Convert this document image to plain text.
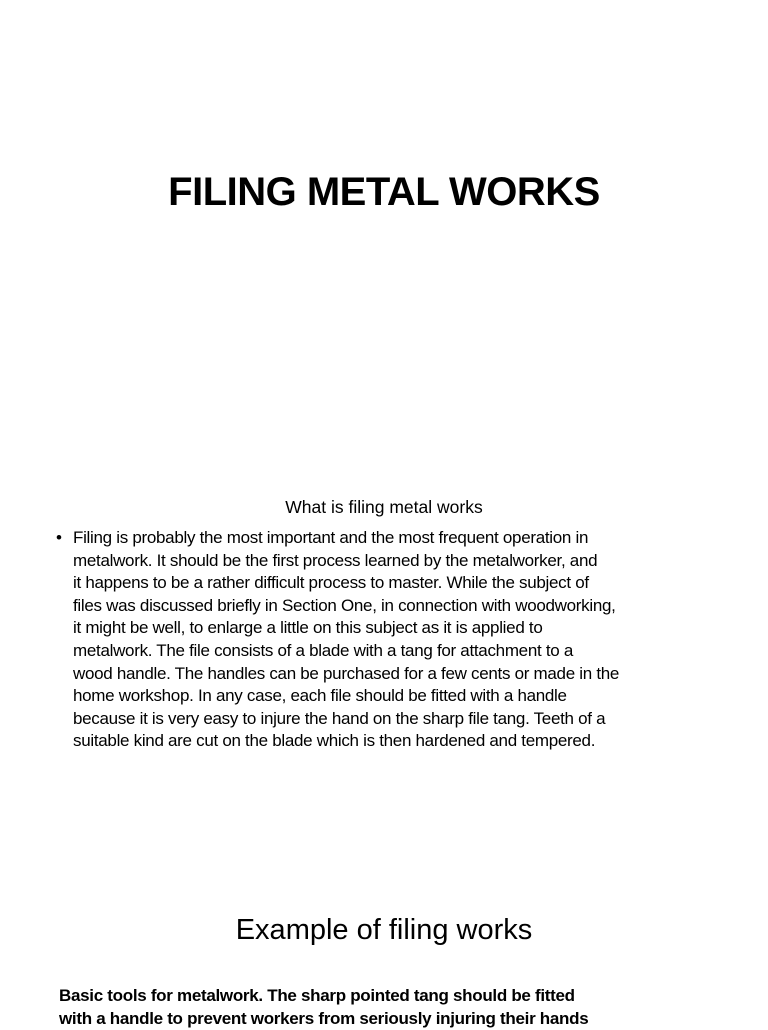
FILING METAL WORKS
What is filing metal works
• Filing is probably the most important and the most frequent operation in
metalwork. It should be the first process learned by the metalworker, and
it happens to be a rather difficult process to master. While the subject of
files was discussed briefly in Section One, in connection with woodworking,
it might be well, to enlarge a little on this subject as it is applied to
metalwork. The file consists of a blade with a tang for attachment to a
wood handle. The handles can be purchased for a few cents or made in the
home workshop. In any case, each file should be fitted with a handle
because it is very easy to injure the hand on the sharp file tang. Teeth of a
suitable kind are cut on the blade which is then hardened and tempered.
Example of filing works
Basic tools for metalwork. The sharp pointed tang should be fitted
with a handle to prevent workers from seriously injuring their hands
